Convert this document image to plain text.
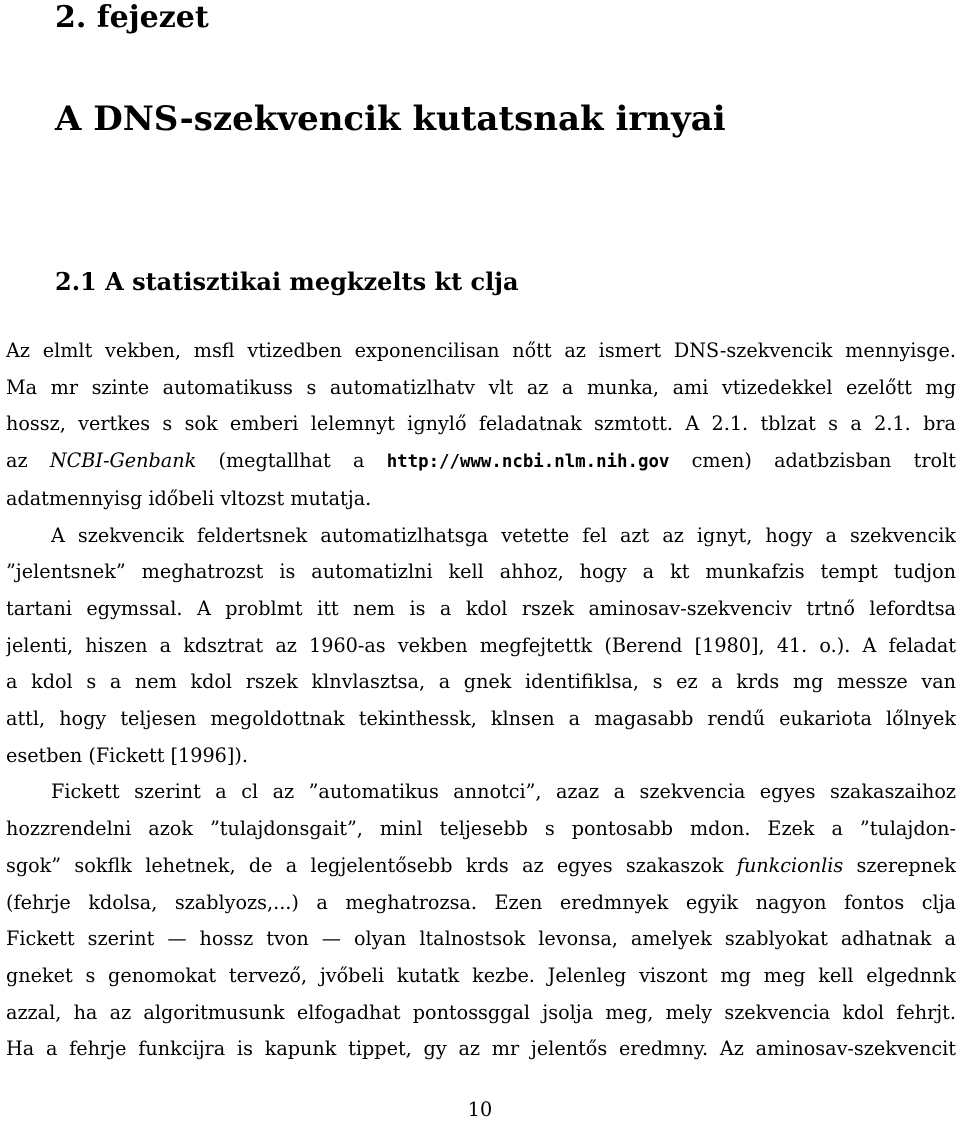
2. fejezet
A DNS-szekvencik kutatsnak irnyai
2.1 A statisztikai megkzelts kt clja
Az elmlt vekben, msfl vtizedben exponencilisan nőtt az ismert DNS-szekvencik mennyisge.
Ma mr szinte automatikuss s automatizlhatv vlt az a munka, ami vtizedekkel ezelőtt mg
hossz, vertkes s sok emberi lelemnyt ignylő feladatnak szmtott. A 2.1. tblzat s a 2.1. bra
az NCBI-Genbank (megtallhat a http://www.ncbi.nlm.nih.gov cmen) adatbzisban trolt
adatmennyisg időbeli vltozst mutatja.
A szekvencik feldertsnek automatizlhatsga vetette fel azt az ignyt, hogy a szekvencik
”jelentsnek” meghatrozst is automatizlni kell ahhoz, hogy a kt munkafzis tempt tudjon
tartani egymssal. A problmt itt nem is a kdol rszek aminosav-szekvenciv trtnő lefordtsa
jelenti, hiszen a kdsztrat az 1960-as vekben megfejtettk (Berend [1980], 41. o.). A feladat
a kdol s a nem kdol rszek klnvlasztsa, a gnek identifiklsa, s ez a krds mg messze van
attl, hogy teljesen megoldottnak tekinthessk, klnsen a magasabb rendű eukariota lőlnyek
esetben (Fickett [1996]).
Fickett szerint a cl az ”automatikus annotci”, azaz a szekvencia egyes szakaszaihoz
hozzrendelni azok ”tulajdonsgait”, minl teljesebb s pontosabb mdon. Ezek a ”tulajdon-
sgok” sokflk lehetnek, de a legjelentősebb krds az egyes szakaszok funkcionlis szerepnek
(fehrje kdolsa, szablyozs,...) a meghatrozsa. Ezen eredmnyek egyik nagyon fontos clja
Fickett szerint — hossz tvon — olyan ltalnostsok levonsa, amelyek szablyokat adhatnak a
gneket s genomokat tervező, jvőbeli kutatk kezbe. Jelenleg viszont mg meg kell elgednnk
azzal, ha az algoritmusunk elfogadhat pontossggal jsolja meg, mely szekvencia kdol fehrjt.
Ha a fehrje funkcijra is kapunk tippet, gy az mr jelentős eredmny. Az aminosav-szekvencit
10
